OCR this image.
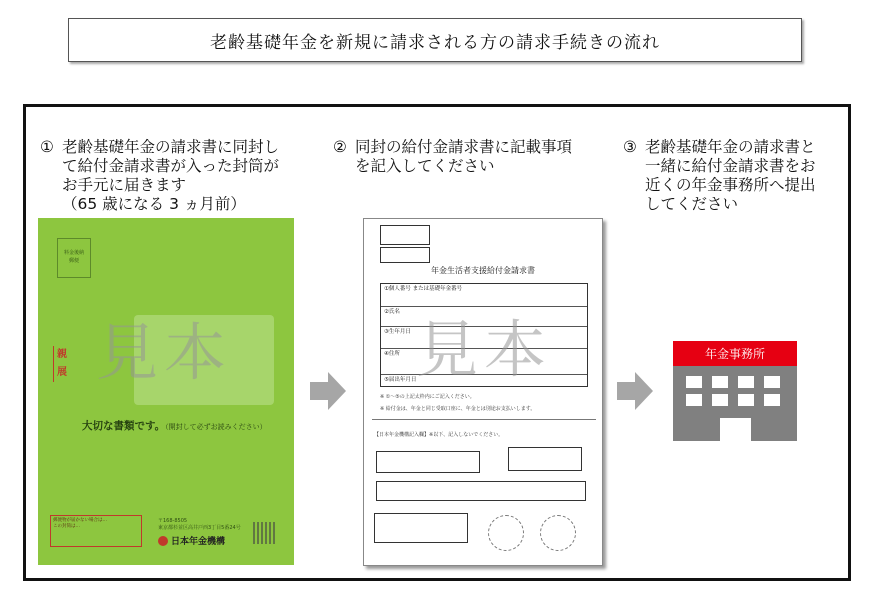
老齢基礎年金を新規に請求される方の請求手続きの流れ
① 老齢基礎年金の請求書に同封し
て給付金請求書が入った封筒が
お手元に届きます
（65 歳になる 3 ヵ月前）
② 同封の給付金請求書に記載事項
を記入してください
③ 老齢基礎年金の請求書と
一緒に給付金請求書をお
近くの年金事務所へ提出
してください
料金後納
郵便
親展
大切な書類です。（開封して必ずお読みください）
郵便物が届かない場合は…
この封筒は…
〒168-8505
東京都杉並区高井戸西3丁目5番24号
日本年金機構
見本
年金生活者支援給付金請求書
①個人番号 または基礎年金番号
②氏名
③生年月日
④住所
⑤届出年月日
※ ①〜⑤の上記太枠内にご記入ください。
※ 給付金は、年金と同じ受取口座に、年金とは別途お支払いします。
【日本年金機構記入欄】※以下、記入しないでください。
見本	年金事務所
